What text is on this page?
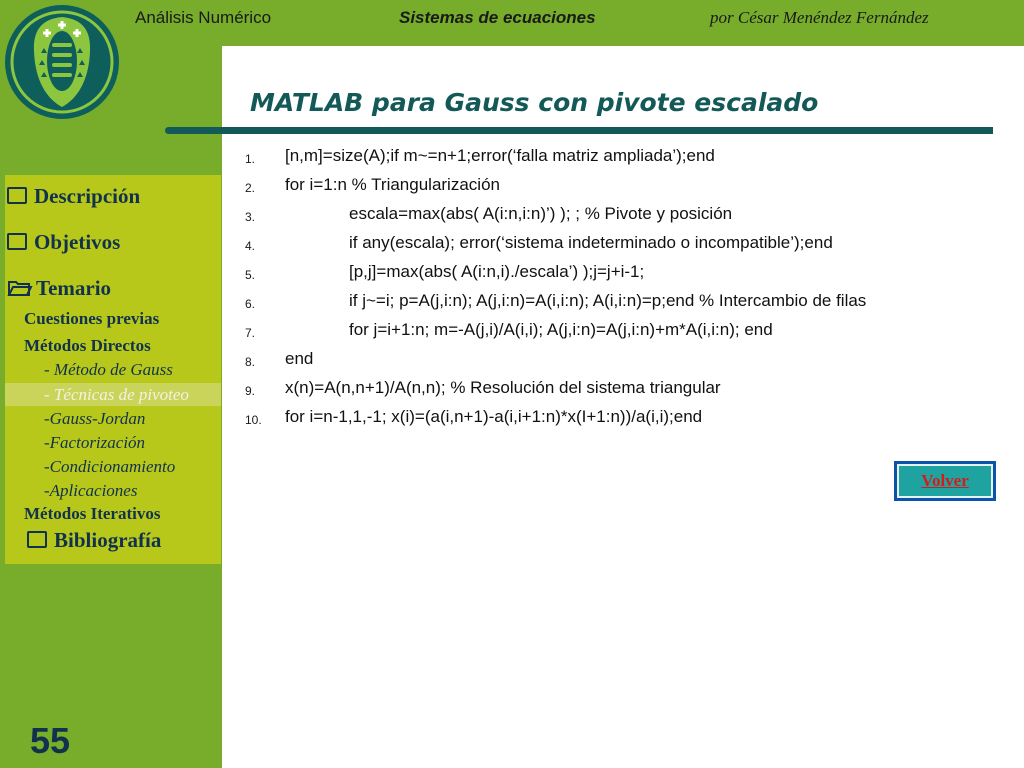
Análisis Numérico	Sistemas de ecuaciones	por César Menéndez Fernández
MATLAB para Gauss con pivote escalado
Descripción
Objetivos
Temario
Cuestiones previas
Métodos Directos
- Método de Gauss
- Técnicas de pivoteo
-Gauss-Jordan
-Factorización
-Condicionamiento
-Aplicaciones
Métodos Iterativos
Bibliografía
1.	[n,m]=size(A);if m~=n+1;error(‘falla matriz ampliada’);end
2.	for i=1:n % Triangularización
3.	escala=max(abs( A(i:n,i:n)’) ); ; % Pivote y posición
4.	if any(escala); error(‘sistema indeterminado o incompatible’);end
5.	[p,j]=max(abs( A(i:n,i)./escala’) );j=j+i-1;
6.	if j~=i; p=A(j,i:n); A(j,i:n)=A(i,i:n); A(i,i:n)=p;end % Intercambio de filas
7.	for j=i+1:n; m=-A(j,i)/A(i,i); A(j,i:n)=A(j,i:n)+m*A(i,i:n); end
8.	end
9.	x(n)=A(n,n+1)/A(n,n); % Resolución del sistema triangular
10.	for i=n-1,1,-1; x(i)=(a(i,n+1)-a(i,i+1:n)*x(I+1:n))/a(i,i);end
Volver
55
